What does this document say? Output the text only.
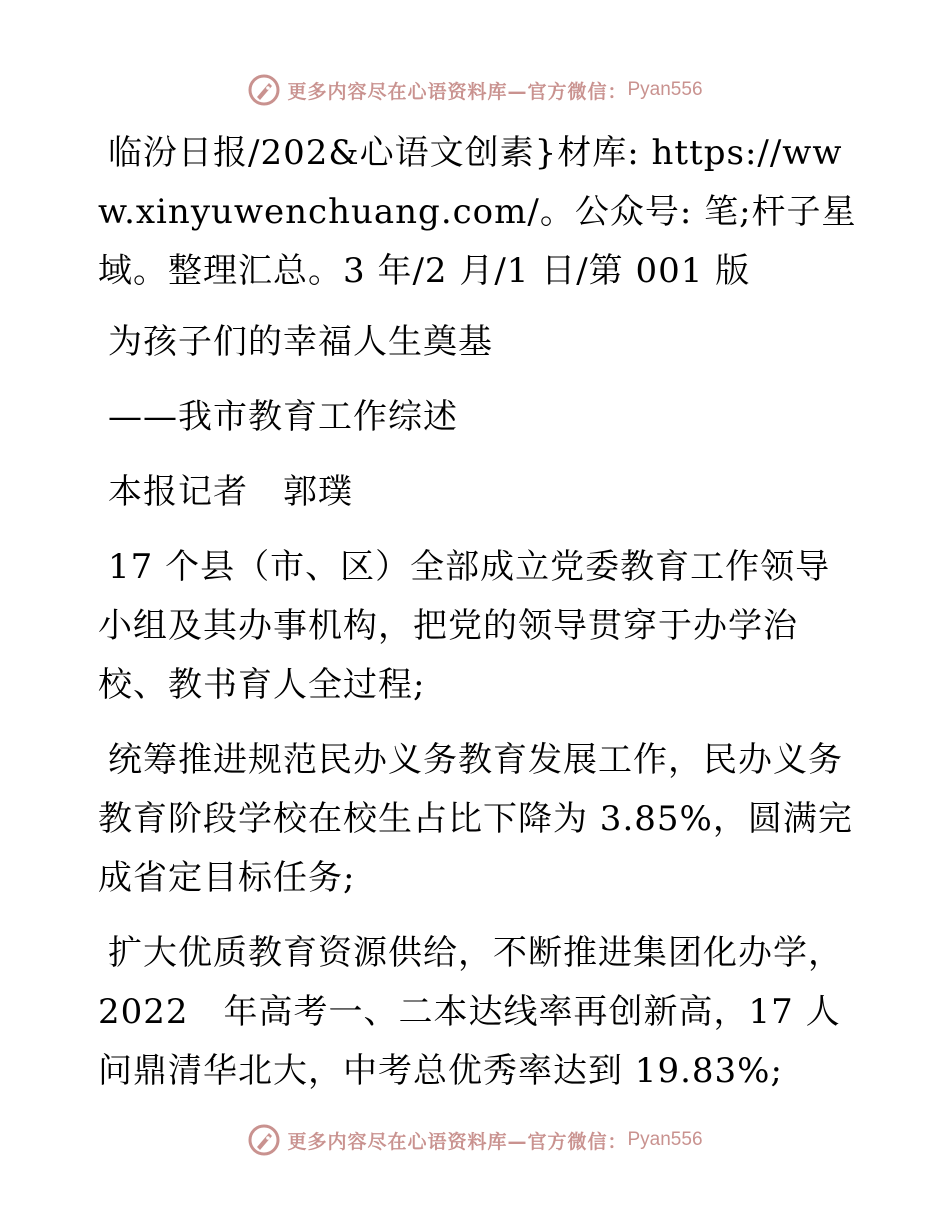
更多内容尽在心语资料库—官方微信： Pyan556

临汾日报/202&心语文创素}材库: https://www.xinyuwenchuang.com/。公众号: 笔;杆子星域。整理汇总。3 年/2 月/1 日/第 001 版

为孩子们的幸福人生奠基

——我市教育工作综述

本报记者　郭璞

17 个县（市、区）全部成立党委教育工作领导小组及其办事机构，把党的领导贯穿于办学治校、教书育人全过程;

统筹推进规范民办义务教育发展工作，民办义务教育阶段学校在校生占比下降为 3.85%，圆满完成省定目标任务;

扩大优质教育资源供给，不断推进集团化办学，2022　年高考一、二本达线率再创新高，17 人问鼎清华北大，中考总优秀率达到 19.83%;

更多内容尽在心语资料库—官方微信： Pyan556
